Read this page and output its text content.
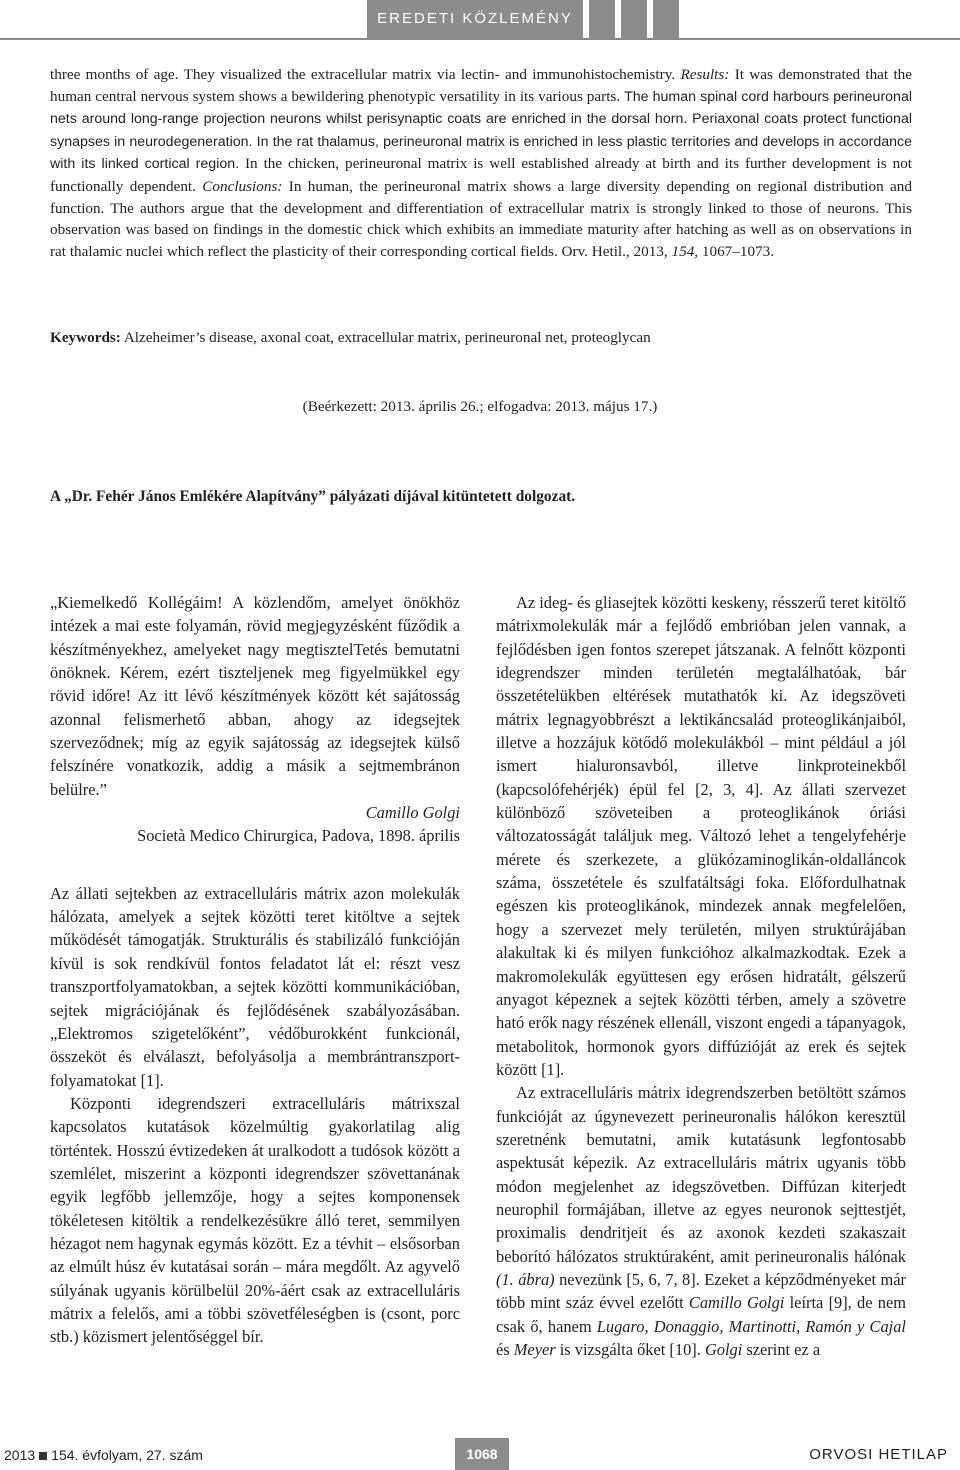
EREDETI KÖZLEMÉNY
three months of age. They visualized the extracellular matrix via lectin- and immunohistochemistry. Results: It was demonstrated that the human central nervous system shows a bewildering phenotypic versatility in its various parts. The human spinal cord harbours perineuronal nets around long-range projection neurons whilst perisynaptic coats are enriched in the dorsal horn. Periaxonal coats protect functional synapses in neurodegeneration. In the rat thalamus, perineuronal matrix is enriched in less plastic territories and develops in accordance with its linked cortical region. In the chicken, perineuronal matrix is well established already at birth and its further development is not functionally dependent. Conclusions: In human, the perineuronal matrix shows a large diversity depending on regional distribution and function. The authors argue that the development and differentiation of extracellular matrix is strongly linked to those of neurons. This observation was based on findings in the domestic chick which exhibits an immediate maturity after hatching as well as on observations in rat thalamic nuclei which reflect the plasticity of their corresponding cortical fields. Orv. Hetil., 2013, 154, 1067–1073.
Keywords: Alzeheimer’s disease, axonal coat, extracellular matrix, perineuronal net, proteoglycan
(Beérkezett: 2013. április 26.; elfogadva: 2013. május 17.)
A „Dr. Fehér János Emlékére Alapítvány” pályázati díjával kitüntetett dolgozat.

„Kiemelkedő Kollégáim! A közlendőm, amelyet önökhöz intézek a mai este folyamán, rövid megjegyzésként fűződik a készítményekhez, amelyeket nagy megtisztelTetés bemutatni önöknek. Kérem, ezért tiszteljenek meg figyelmükkel egy rövid időre! Az itt lévő készítmények között két sajátosság azonnal felismerhető abban, ahogy az idegsejtek szerveződnek; míg az egyik sajátosság az idegsejtek külső felszínére vonatkozik, addig a másik a sejtmembránon belülre.”

Camillo Golgi

Società Medico Chirurgica, Padova, 1898. április

Az állati sejtekben az extracelluláris mátrix azon molekulák hálózata, amelyek a sejtek közötti teret kitöltve a sejtek működését támogatják. Strukturális és stabilizáló funkcióján kívül is sok rendkívül fontos feladatot lát el: részt vesz transzportfolyamatokban, a sejtek közötti kommunikációban, sejtek migrációjának és fejlődésének szabályozásában. „Elektromos szigetelőként”, védőburokként funkcionál, összeköt és elválaszt, befolyásolja a membrántranszport-folyamatokat [1].

Központi idegrendszeri extracelluláris mátrixszal kapcsolatos kutatások közelmúltig gyakorlatilag alig történtek. Hosszú évtizedeken át uralkodott a tudósok között a szemlélet, miszerint a központi idegrendszer szövettanának egyik legfőbb jellemzője, hogy a sejtes komponensek tökéletesen kitöltik a rendelkezésükre álló teret, semmilyen hézagot nem hagynak egymás között. Ez a tévhit – elsősorban az elmúlt húsz év kutatásai során – mára megdőlt. Az agyvelő súlyának ugyanis körülbelül 20%-áért csak az extracelluláris mátrix a felelős, ami a többi szövetféleségben is (csont, porc stb.) közismert jelentőséggel bír.

Az ideg- és gliasejtek közötti keskeny, résszerű teret kitöltő mátrixmolekulák már a fejlődő embrióban jelen vannak, a fejlődésben igen fontos szerepet játszanak. A felnőtt központi idegrendszer minden területén megtalálhatóak, bár összetételükben eltérések mutathatók ki. Az idegszöveti mátrix legnagyobbrészt a lektikáncsalád proteoglikánjaiból, illetve a hozzájuk kötődő molekulákból – mint például a jól ismert hialuronsavból, illetve linkproteinekből (kapcsolófehérjék) épül fel [2, 3, 4]. Az állati szervezet különböző szöveteiben a proteoglikánok óriási változatosságát találjuk meg. Változó lehet a tengelyfehérje mérete és szerkezete, a glükózaminoglikán-oldalláncok száma, összetétele és szulfatáltsági foka. Előfordulhatnak egészen kis proteoglikánok, mindezek annak megfelelően, hogy a szervezet mely területén, milyen struktúrájában alakultak ki és milyen funkcióhoz alkalmazkodtak. Ezek a makromolekulák együttesen egy erősen hidratált, gélszerű anyagot képeznek a sejtek közötti térben, amely a szövetre ható erők nagy részének ellenáll, viszont engedi a tápanyagok, metabolitok, hormonok gyors diffúzióját az erek és sejtek között [1].

Az extracelluláris mátrix idegrendszerben betöltött számos funkcióját az úgynevezett perineuronalis hálókon keresztül szeretnénk bemutatni, amik kutatásunk legfontosabb aspektusát képezik. Az extracelluláris mátrix ugyanis több módon megjelenhet az idegszövetben. Diffúzan kiterjedt neurophil formájában, illetve az egyes neuronok sejttestjét, proximalis dendritjeit és az axonok kezdeti szakaszait beborító hálózatos struktúraként, amit perineuronalis hálónak (1. ábra) nevezünk [5, 6, 7, 8]. Ezeket a képződményeket már több mint száz évvel ezelőtt Camillo Golgi leírta [9], de nem csak ő, hanem Lugaro, Donaggio, Martinotti, Ramón y Cajal és Meyer is vizsgálta őket [10]. Golgi szerint ez a

2013 154. évfolyam, 27. szám	1068	ORVOSI HETILAP
